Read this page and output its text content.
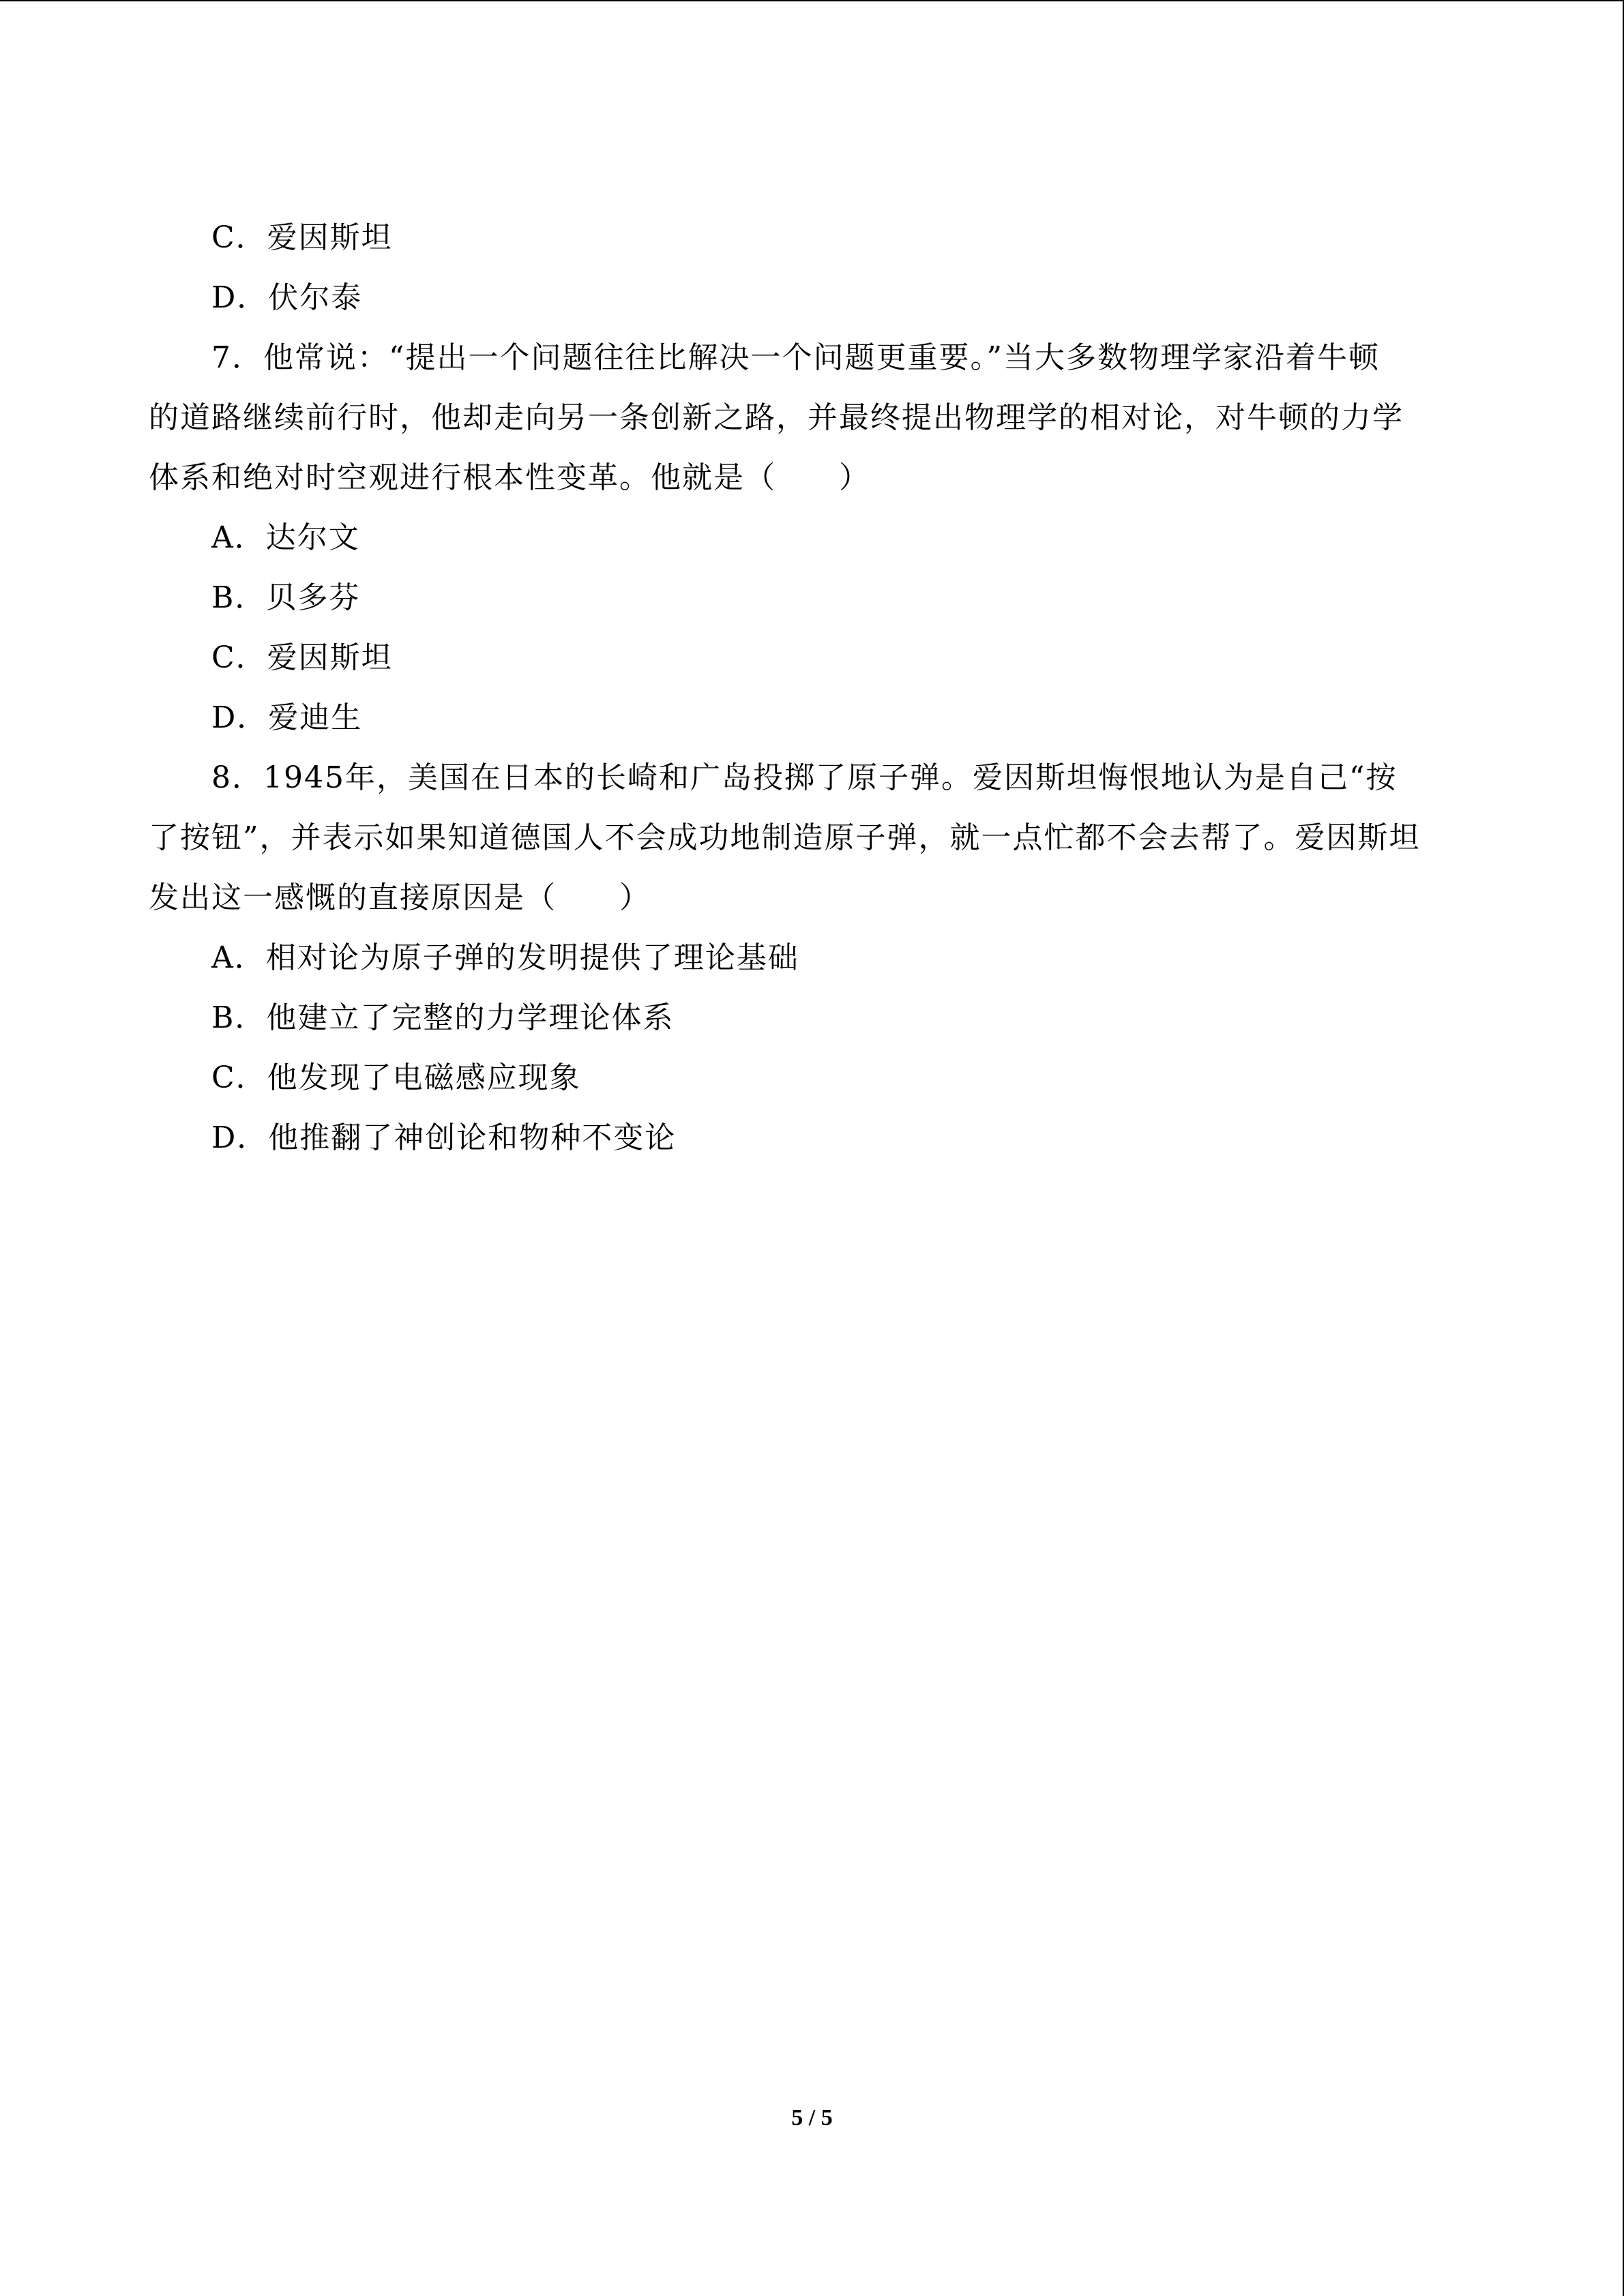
C．爱因斯坦
D．伏尔泰
7．他常说：“提出一个问题往往比解决一个问题更重要。”当大多数物理学家沿着牛顿
的道路继续前行时，他却走向另一条创新之路，并最终提出物理学的相对论，对牛顿的力学
体系和绝对时空观进行根本性变革。他就是（　　）
A．达尔文
B．贝多芬
C．爱因斯坦
D．爱迪生
8．1945年，美国在日本的长崎和广岛投掷了原子弹。爱因斯坦悔恨地认为是自己“按
了按钮”，并表示如果知道德国人不会成功地制造原子弹，就一点忙都不会去帮了。爱因斯坦
发出这一感慨的直接原因是（　　）
A．相对论为原子弹的发明提供了理论基础
B．他建立了完整的力学理论体系
C．他发现了电磁感应现象
D．他推翻了神创论和物种不变论
5 / 5
